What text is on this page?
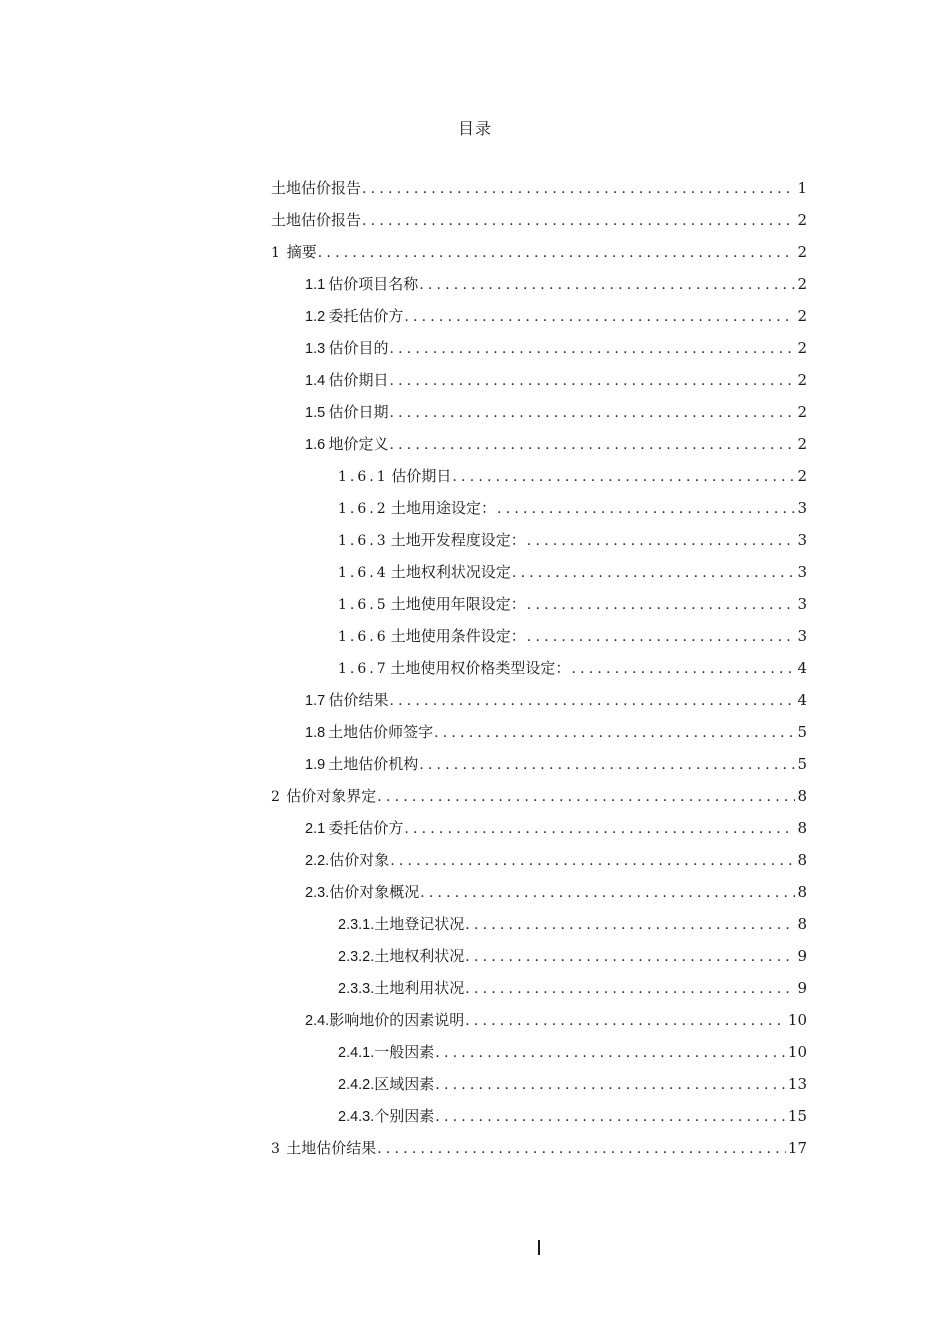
目录
土地估价报告 .....	1
土地估价报告 .....	2
1 摘要 .....	2
1.1 估价项目名称 .....	2
1.2 委托估价方 .....	2
1.3 估价目的 .....	2
1.4 估价期日 .....	2
1.5 估价日期 .....	2
1.6 地价定义 .....	2
1.6.1 估价期日 .....	2
1.6.2 土地用途设定： .....	3
1.6.3 土地开发程度设定： .....	3
1.6.4 土地权利状况设定 .....	3
1.6.5 土地使用年限设定： .....	3
1.6.6 土地使用条件设定： .....	3
1.6.7 土地使用权价格类型设定： .....	4
1.7 估价结果 .....	4
1.8 土地估价师签字 .....	5
1.9 土地估价机构 .....	5
2 估价对象界定 .....	8
2.1 委托估价方 .....	8
2.2. 估价对象 .....	8
2.3. 估价对象概况 .....	8
2.3.1. 土地登记状况 .....	8
2.3.2. 土地权利状况 .....	9
2.3.3. 土地利用状况 .....	9
2.4. 影响地价的因素说明 .....	10
2.4.1. 一般因素 .....	10
2.4.2. 区域因素 .....	13
2.4.3. 个别因素 .....	15
3 土地估价结果 .....	17
